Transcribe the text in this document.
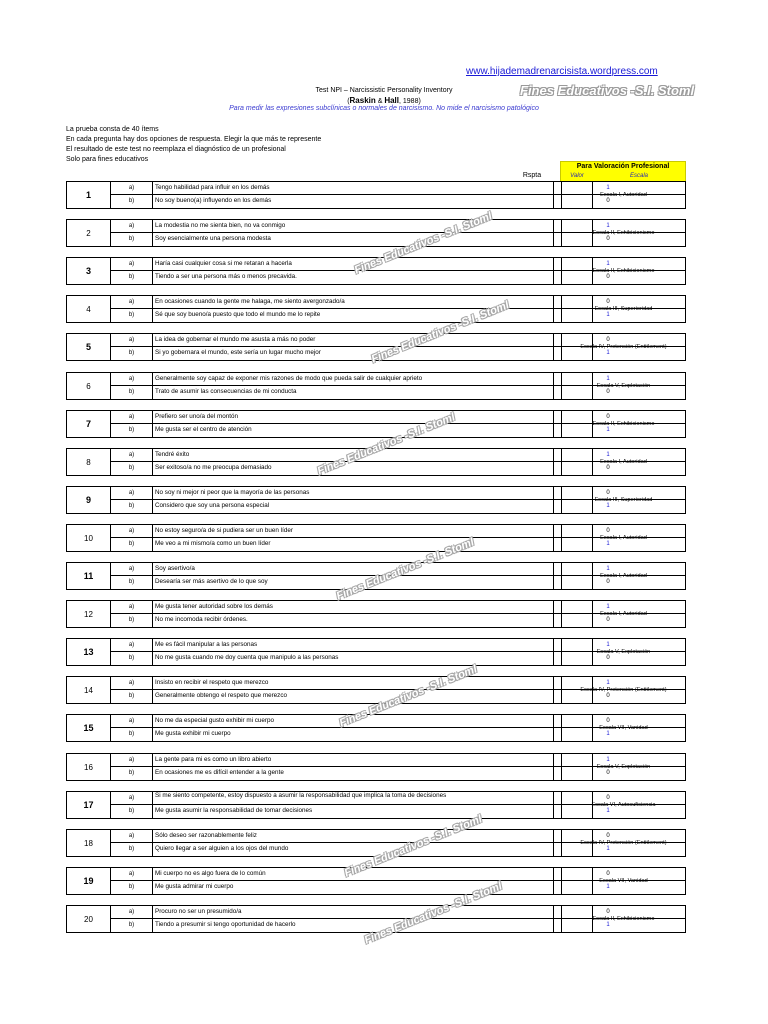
www.hijademadrenarcisista.wordpress.com
Fines Educativos -S.I. Stoml
Test NPI – Narcissistic Personality Inventory
(Raskin & Hall, 1988)
Para medir las expresiones subclínicas o normales de narcisismo. No mide el narcisismo patológico
La prueba consta de 40 ítems
En cada pregunta hay dos opciones de respuesta. Elegir la que más te represente
El resultado de este test no reemplaza el diagnóstico de un profesional
Solo para fines educativos
Rspta
Para Valoración Profesional
Valor	Escala
1
a)	Tengo habilidad para influir en los demás	1
b)	No soy bueno(a) influyendo en los demás	0
Escala I, Autoridad
2
a)	La modestia no me sienta bien, no va conmigo	1
b)	Soy esencialmente una persona modesta	0
Escala II, Exhibicionismo
3
a)	Haría casi cualquier cosa si me retaran a hacerla	1
b)	Tiendo a ser una persona más o menos precavida.	0
Escala II, Exhibicionismo
4
a)	En ocasiones cuando la gente me halaga, me siento avergonzado/a	0
b)	Sé que soy bueno/a puesto que todo el mundo me lo repite	1
Escala III, Superioridad
5
a)	La idea de gobernar el mundo me asusta a más no poder	0
b)	Si yo gobernara el mundo, este sería un lugar mucho mejor	1
Escala IV, Pretensión (Entitlement)
6
a)	Generalmente soy capaz de exponer mis razones de modo que pueda salir de cualquier aprieto	1
b)	Trato de asumir las consecuencias de mi conducta	0
Escala V, Explotación
7
a)	Prefiero ser uno/a del montón	0
b)	Me gusta ser el centro de atención	1
Escala II, Exhibicionismo
8
a)	Tendré éxito	1
b)	Ser exitoso/a no me preocupa demasiado	0
Escala I, Autoridad
9
a)	No soy ni mejor ni peor que la mayoría de las personas	0
b)	Considero que soy una persona especial	1
Escala III, Superioridad
10
a)	No estoy seguro/a de si pudiera ser un buen líder	0
b)	Me veo a mi mismo/a como un buen líder	1
Escala I, Autoridad
11
a)	Soy asertivo/a	1
b)	Desearía ser más asertivo de lo que soy	0
Escala I, Autoridad
12
a)	Me gusta tener autoridad sobre los demás	1
b)	No me incomoda recibir órdenes.	0
Escala I, Autoridad
13
a)	Me es fácil manipular a las personas	1
b)	No me gusta cuando me doy cuenta que manipulo a las personas	0
Escala V, Explotación
14
a)	Insisto en recibir el respeto que merezco	1
b)	Generalmente obtengo el respeto que merezco	0
Escala IV, Pretensión (Entitlement)
15
a)	No me da especial gusto exhibir mi cuerpo	0
b)	Me gusta exhibir mi cuerpo	1
Escala VII, Vanidad
16
a)	La gente para mi es como un libro abierto	1
b)	En ocasiones me es difícil entender a la gente	0
Escala V, Explotación
17
a)	Si me siento competente, estoy dispuesto a asumir la responsabilidad que implica la toma de decisiones	0
b)	Me gusta asumir la responsabilidad de tomar decisiones	1
Escala VI, Autosuficiencia
18
a)	Sólo deseo ser razonablemente feliz	0
b)	Quiero llegar a ser alguien a los ojos del mundo	1
Escala IV, Pretensión (Entitlement)
19
a)	Mi cuerpo no es algo fuera de lo común	0
b)	Me gusta admirar mi cuerpo	1
Escala VII, Vanidad
20
a)	Procuro no ser un presumido/a	0
b)	Tiendo a presumir si tengo oportunidad de hacerlo	1
Escala II, Exhibicionismo
Fines Educativos -S.I. Stoml
Fines Educativos -S.I. Stoml
Fines Educativos -S.I. Stoml
Fines Educativos -S.I. Stoml
Fines Educativos -S.I. Stoml
Fines Educativos -S.I. Stoml
Fines Educativos -S.I. Stoml
